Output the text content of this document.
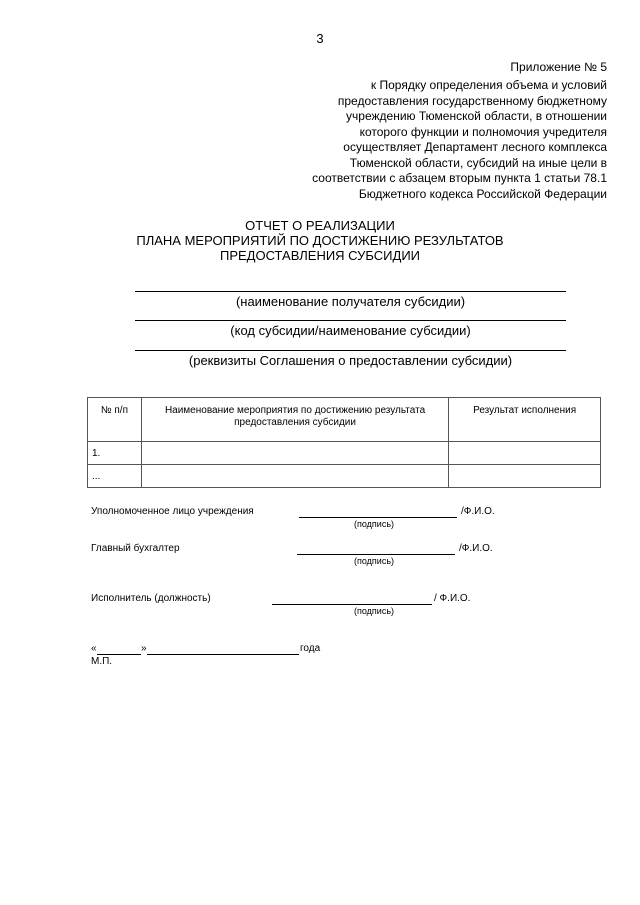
3
Приложение № 5
к Порядку определения объема и условий
предоставления государственному бюджетному
учреждению Тюменской области, в отношении
которого функции и полномочия учредителя
осуществляет Департамент лесного комплекса
Тюменской области, субсидий на иные цели в
соответствии с абзацем вторым пункта 1 статьи 78.1
Бюджетного кодекса Российской Федерации
ОТЧЕТ О РЕАЛИЗАЦИИ
ПЛАНА МЕРОПРИЯТИЙ ПО ДОСТИЖЕНИЮ РЕЗУЛЬТАТОВ
ПРЕДОСТАВЛЕНИЯ СУБСИДИИ
(наименование получателя субсидии)
(код субсидии/наименование субсидии)
(реквизиты Соглашения о предоставлении субсидии)
№ п/п	Наименование мероприятия по достижению результата предоставления субсидии	Результат исполнения
1.		
...		
Уполномоченное лицо учреждения	/Ф.И.О.
(подпись)
Главный бухгалтер	/Ф.И.О.
(подпись)
Исполнитель (должность)	/ Ф.И.О.
(подпись)
«	»	года
М.П.
